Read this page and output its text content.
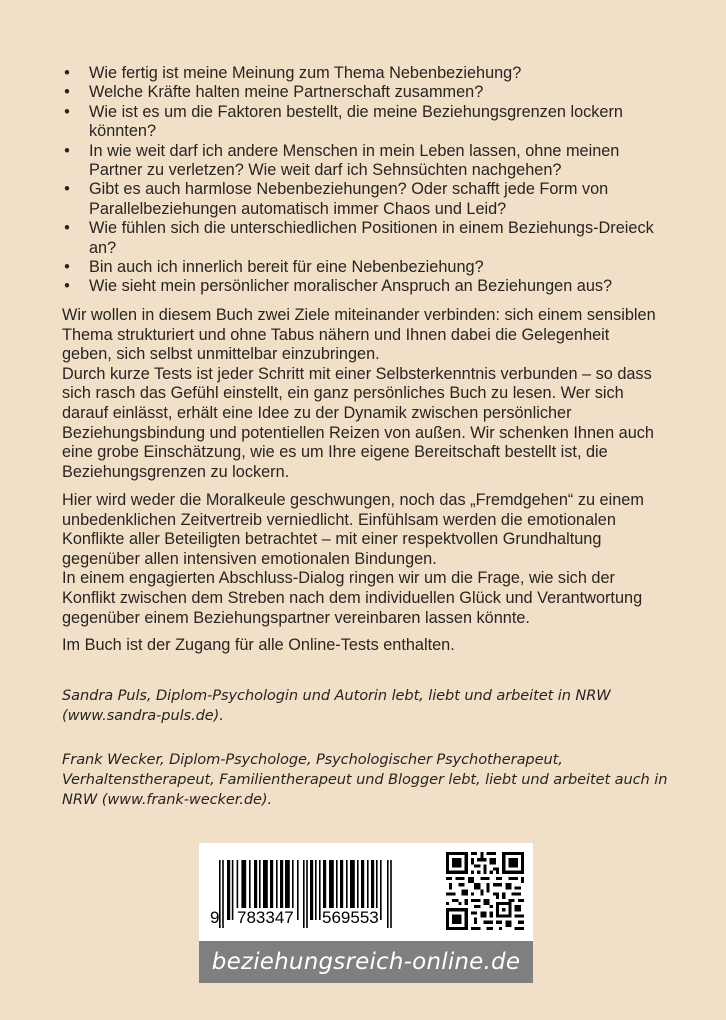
• Wie fertig ist meine Meinung zum Thema Nebenbeziehung?
• Welche Kräfte halten meine Partnerschaft zusammen?
• Wie ist es um die Faktoren bestellt, die meine Beziehungsgrenzen lockern könnten?
• In wie weit darf ich andere Menschen in mein Leben lassen, ohne meinen Partner zu verletzen? Wie weit darf ich Sehnsüchten nachgehen?
• Gibt es auch harmlose Nebenbeziehungen? Oder schafft jede Form von Parallelbeziehungen automatisch immer Chaos und Leid?
• Wie fühlen sich die unterschiedlichen Positionen in einem Beziehungs-Dreieck an?
• Bin auch ich innerlich bereit für eine Nebenbeziehung?
• Wie sieht mein persönlicher moralischer Anspruch an Beziehungen aus?

Wir wollen in diesem Buch zwei Ziele miteinander verbinden: sich einem sensiblen Thema strukturiert und ohne Tabus nähern und Ihnen dabei die Gelegenheit geben, sich selbst unmittelbar einzubringen.

Durch kurze Tests ist jeder Schritt mit einer Selbsterkenntnis verbunden – so dass sich rasch das Gefühl einstellt, ein ganz persönliches Buch zu lesen. Wer sich darauf einlässt, erhält eine Idee zu der Dynamik zwischen persönlicher Beziehungsbindung und potentiellen Reizen von außen. Wir schenken Ihnen auch eine grobe Einschätzung, wie es um Ihre eigene Bereitschaft bestellt ist, die Beziehungsgrenzen zu lockern.

Hier wird weder die Moralkeule geschwungen, noch das „Fremdgehen“ zu einem unbedenklichen Zeitvertreib verniedlicht. Einfühlsam werden die emotionalen Konflikte aller Beteiligten betrachtet – mit einer respektvollen Grundhaltung gegenüber allen intensiven emotionalen Bindungen.

In einem engagierten Abschluss-Dialog ringen wir um die Frage, wie sich der Konflikt zwischen dem Streben nach dem individuellen Glück und Verantwortung gegenüber einem Beziehungspartner vereinbaren lassen könnte.

Im Buch ist der Zugang für alle Online-Tests enthalten.

Sandra Puls, Diplom-Psychologin und Autorin lebt, liebt und arbeitet in NRW (www.sandra-puls.de).
Frank Wecker, Diplom-Psychologe, Psychologischer Psychotherapeut, Verhaltenstherapeut, Familientherapeut und Blogger lebt, liebt und arbeitet auch in NRW (www.frank-wecker.de).
9 783347 569553
beziehungsreich-online.de
